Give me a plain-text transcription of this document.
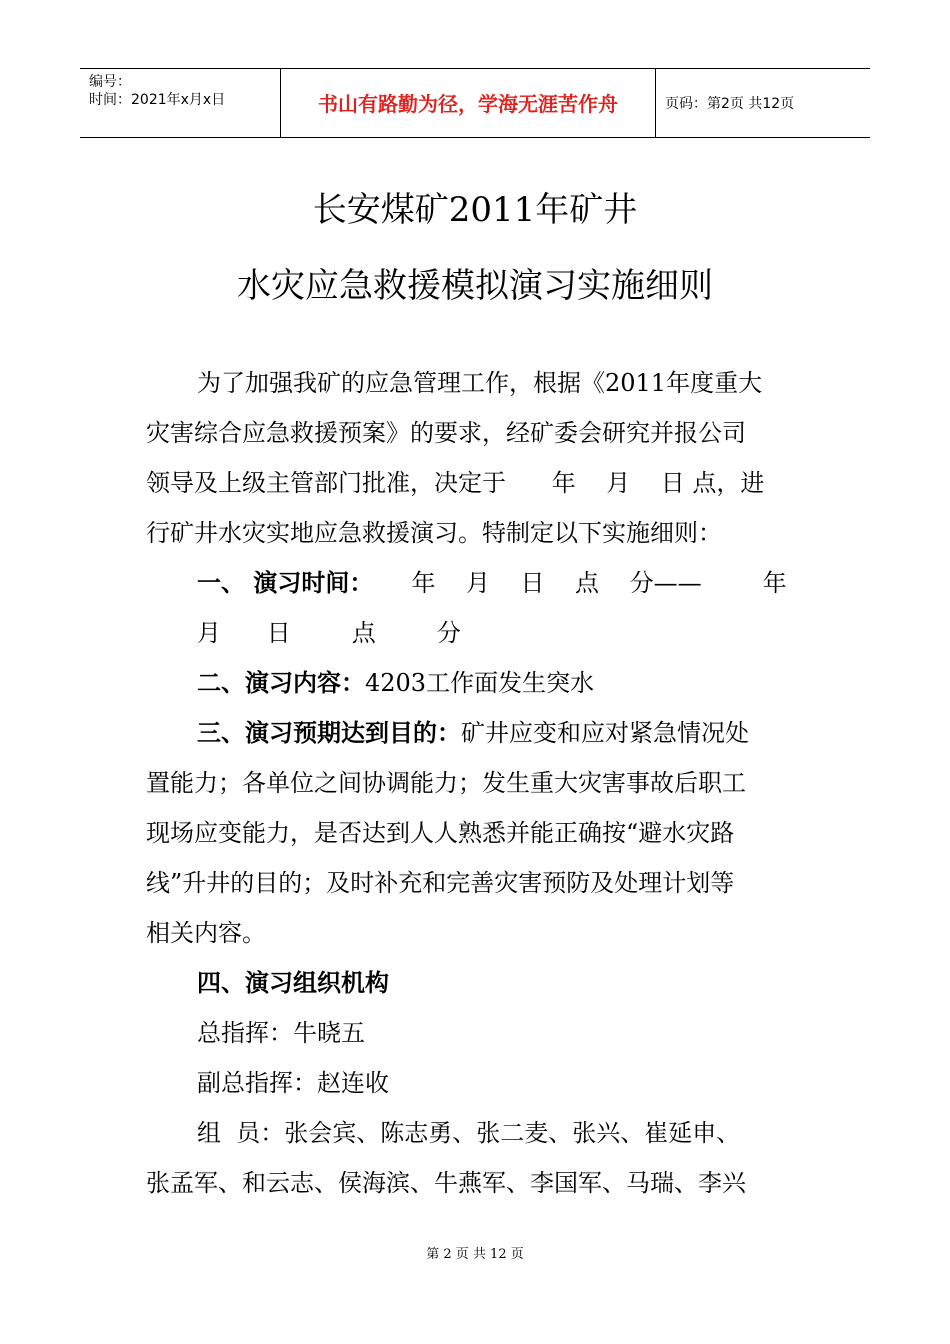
编号：
时间：2021年x月x日	书山有路勤为径，学海无涯苦作舟	页码：第2页 共12页
长安煤矿2011年矿井
水灾应急救援模拟演习实施细则
为了加强我矿的应急管理工作，根据《2011年度重大
灾害综合应急救援预案》的要求，经矿委会研究并报公司
领导及上级主管部门批准，决定于      年    月    日 点，进
行矿井水灾实地应急救援演习。特制定以下实施细则：
一、 演习时间：     年    月    日    点    分——        年
月      日        点        分
二、演习内容：4203工作面发生突水
三、演习预期达到目的：矿井应变和应对紧急情况处
置能力；各单位之间协调能力；发生重大灾害事故后职工
现场应变能力，是否达到人人熟悉并能正确按“避水灾路
线”升井的目的；及时补充和完善灾害预防及处理计划等
相关内容。
四、演习组织机构
总指挥：牛晓五
副总指挥：赵连收
组  员：张会宾、陈志勇、张二麦、张兴、崔延申、
张孟军、和云志、侯海滨、牛燕军、李国军、马瑞、李兴
第 2 页 共 12 页
